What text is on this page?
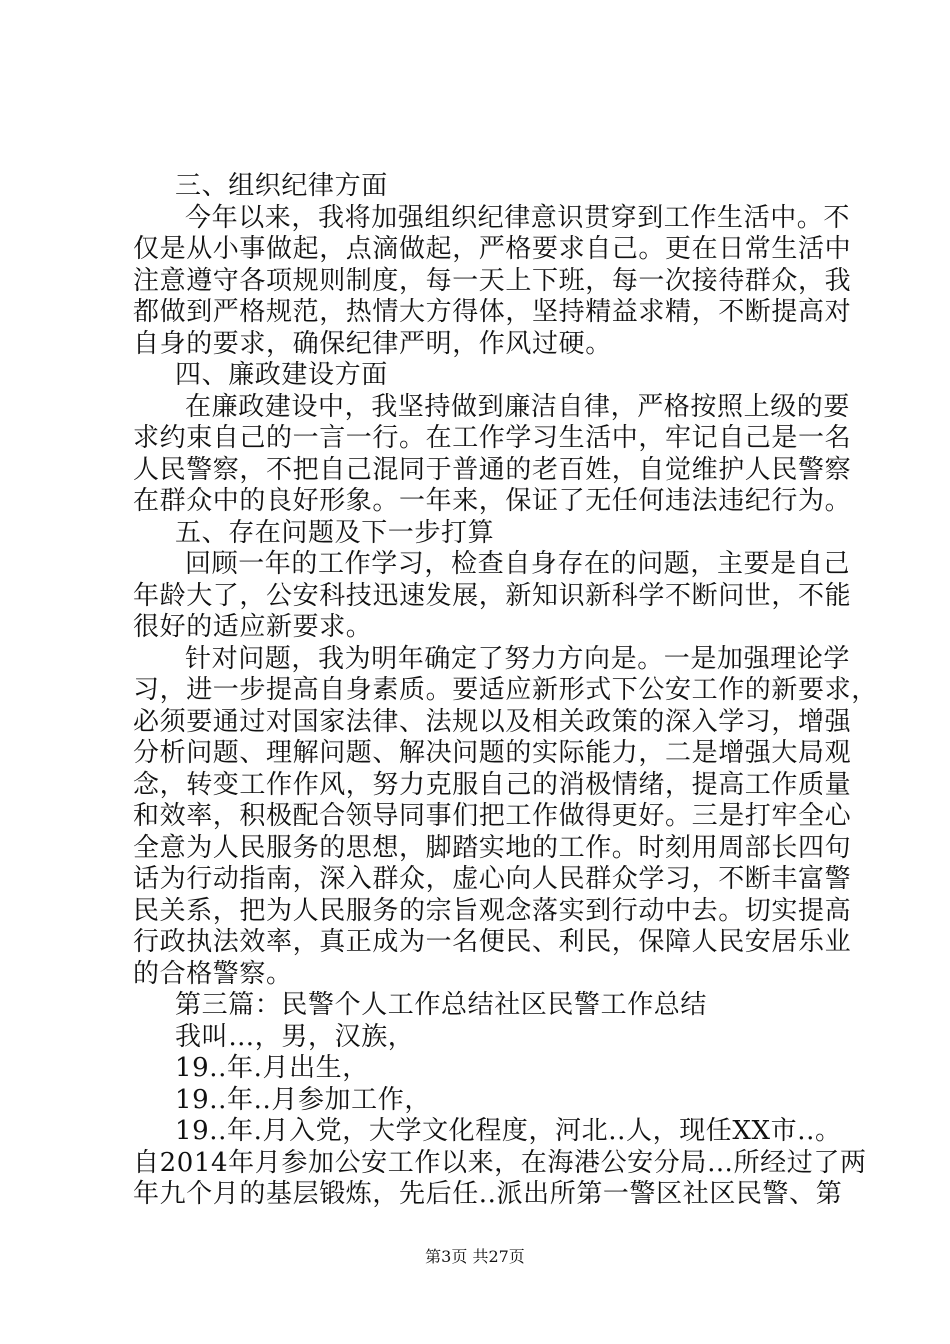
三、组织纪律方面
今年以来，我将加强组织纪律意识贯穿到工作生活中。不
仅是从小事做起，点滴做起，严格要求自己。更在日常生活中
注意遵守各项规则制度，每一天上下班，每一次接待群众，我
都做到严格规范，热情大方得体，坚持精益求精，不断提高对
自身的要求，确保纪律严明，作风过硬。
四、廉政建设方面
在廉政建设中，我坚持做到廉洁自律，严格按照上级的要
求约束自己的一言一行。在工作学习生活中，牢记自己是一名
人民警察，不把自己混同于普通的老百姓，自觉维护人民警察
在群众中的良好形象。一年来，保证了无任何违法违纪行为。
五、存在问题及下一步打算
回顾一年的工作学习，检查自身存在的问题，主要是自己
年龄大了，公安科技迅速发展，新知识新科学不断问世，不能
很好的适应新要求。
针对问题，我为明年确定了努力方向是。一是加强理论学
习，进一步提高自身素质。要适应新形式下公安工作的新要求，
必须要通过对国家法律、法规以及相关政策的深入学习，增强
分析问题、理解问题、解决问题的实际能力，二是增强大局观
念，转变工作作风，努力克服自己的消极情绪，提高工作质量
和效率，积极配合领导同事们把工作做得更好。三是打牢全心
全意为人民服务的思想，脚踏实地的工作。时刻用周部长四句
话为行动指南，深入群众，虚心向人民群众学习，不断丰富警
民关系，把为人民服务的宗旨观念落实到行动中去。切实提高
行政执法效率，真正成为一名便民、利民，保障人民安居乐业
的合格警察。
第三篇：民警个人工作总结社区民警工作总结
我叫…，男，汉族，
19..年.月出生，
19..年..月参加工作，
19..年.月入党，大学文化程度，河北..人，现任XX市..。
自2014年月参加公安工作以来，在海港公安分局…所经过了两
年九个月的基层锻炼，先后任..派出所第一警区社区民警、第
第3页 共27页
